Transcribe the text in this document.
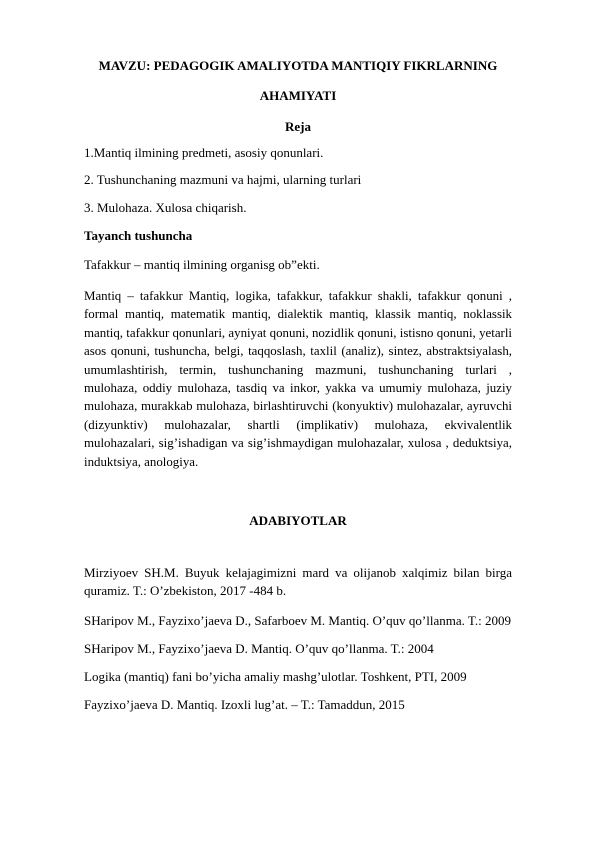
MAVZU: PEDAGOGIK AMALIYOTDA MANTIQIY FIKRLARNING
AHAMIYATI
Reja
1.Mantiq ilmining predmeti, asosiy qonunlari.
2. Tushunchaning mazmuni va hajmi, ularning turlari
3. Mulohaza. Xulosa chiqarish.
Tayanch tushuncha
Tafakkur – mantiq ilmining organisg ob”ekti.
Mantiq – tafakkur Mantiq, logika, tafakkur, tafakkur shakli, tafakkur qonuni , formal mantiq, matematik mantiq, dialektik mantiq, klassik mantiq, noklassik mantiq, tafakkur qonunlari, ayniyat qonuni, nozidlik qonuni, istisno qonuni, yetarli asos qonuni, tushuncha, belgi, taqqoslash, taxlil (analiz), sintez, abstraktsiyalash, umumlashtirish, termin, tushunchaning mazmuni, tushunchaning turlari , mulohaza, oddiy mulohaza, tasdiq va inkor, yakka va umumiy mulohaza, juziy mulohaza, murakkab mulohaza, birlashtiruvchi (konyuktiv) mulohazalar, ayruvchi (dizyunktiv) mulohazalar, shartli (implikativ) mulohaza, ekvivalentlik mulohazalari, sig’ishadigan va sig’ishmaydigan mulohazalar, xulosa , deduktsiya, induktsiya, anologiya.
ADABIYOTLAR
Mirziyoev SH.M. Buyuk kelajagimizni mard va olijanob xalqimiz bilan birga quramiz. T.: O’zbekiston, 2017 -484 b.
SHaripov M., Fayzixo’jaeva D., Safarboev M. Mantiq. O’quv qo’llanma. T.: 2009
SHaripov M., Fayzixo’jaeva D. Mantiq. O’quv qo’llanma. T.: 2004
Logika (mantiq) fani bo’yicha amaliy mashg’ulotlar. Toshkent, PTI, 2009
Fayzixo’jaeva D. Mantiq. Izoxli lug’at. – T.: Tamaddun, 2015
